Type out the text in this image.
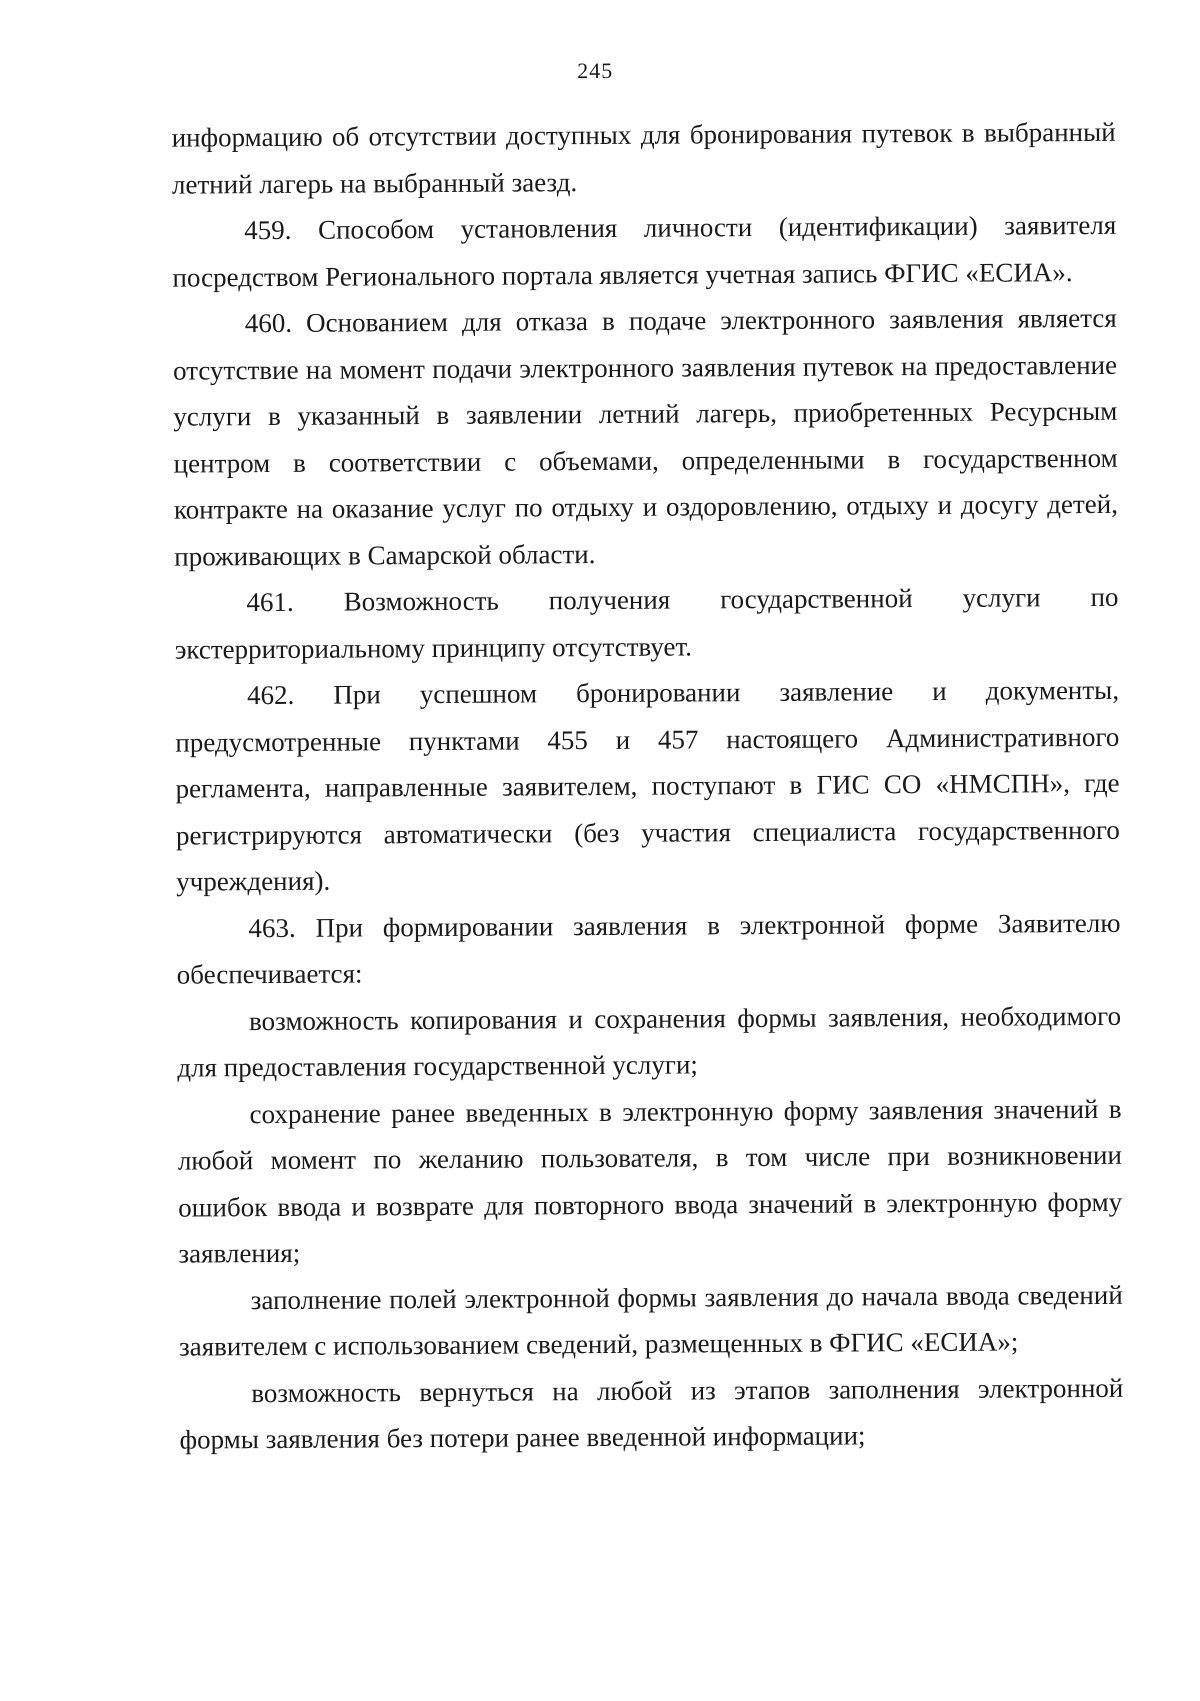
245

информацию об отсутствии доступных для бронирования путевок в выбранный летний лагерь на выбранный заезд.

459. Способом установления личности (идентификации) заявителя посредством Регионального портала является учетная запись ФГИС «ЕСИА».

460. Основанием для отказа в подаче электронного заявления является отсутствие на момент подачи электронного заявления путевок на предоставление услуги в указанный в заявлении летний лагерь, приобретенных Ресурсным центром в соответствии с объемами, определенными в государственном контракте на оказание услуг по отдыху и оздоровлению, отдыху и досугу детей, проживающих в Самарской области.

461. Возможность получения государственной услуги по экстерриториальному принципу отсутствует.

462. При успешном бронировании заявление и документы, предусмотренные пунктами 455 и 457 настоящего Административного регламента, направленные заявителем, поступают в ГИС СО «НМСПН», где регистрируются автоматически (без участия специалиста государственного учреждения).

463. При формировании заявления в электронной форме Заявителю обеспечивается:

возможность копирования и сохранения формы заявления, необходимого для предоставления государственной услуги;

сохранение ранее введенных в электронную форму заявления значений в любой момент по желанию пользователя, в том числе при возникновении ошибок ввода и возврате для повторного ввода значений в электронную форму заявления;

заполнение полей электронной формы заявления до начала ввода сведений заявителем с использованием сведений, размещенных в ФГИС «ЕСИА»;

возможность вернуться на любой из этапов заполнения электронной формы заявления без потери ранее введенной информации;
